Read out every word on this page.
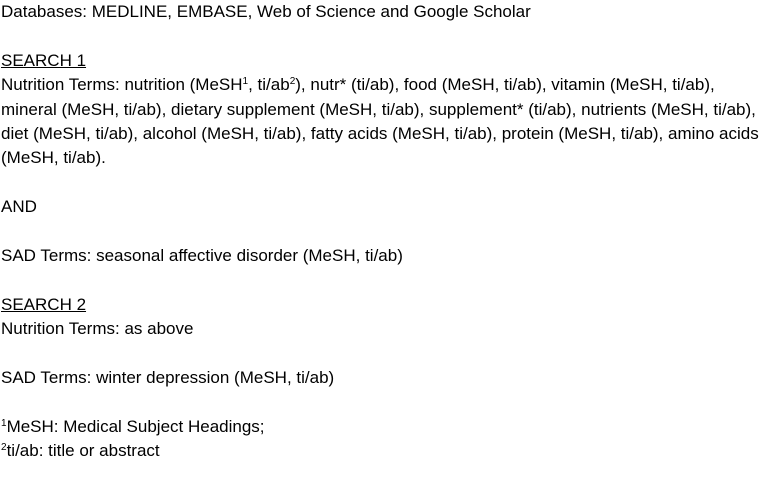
Databases: MEDLINE, EMBASE, Web of Science and Google Scholar
SEARCH 1
Nutrition Terms: nutrition (MeSH$^1$, $ti/ab^2$), nutr* (ti/ab), food (MeSH, ti/ab), vitamin (MeSH, ti/ab), mineral (MeSH, ti/ab), dietary supplement (MeSH, ti/ab), supplement* (ti/ab), nutrients (MeSH, ti/ab), diet (MeSH, ti/ab), alcohol (MeSH, ti/ab), fatty acids (MeSH, ti/ab), protein (MeSH, ti/ab), amino acids (MeSH, ti/ab).
AND
SAD Terms: seasonal affective disorder (MeSH, ti/ab)
SEARCH 2
Nutrition Terms: as above
SAD Terms: winter depression (MeSH, ti/ab)
$^1$MeSH: Medical Subject Headings;
$^2$ti/ab: title or abstract
